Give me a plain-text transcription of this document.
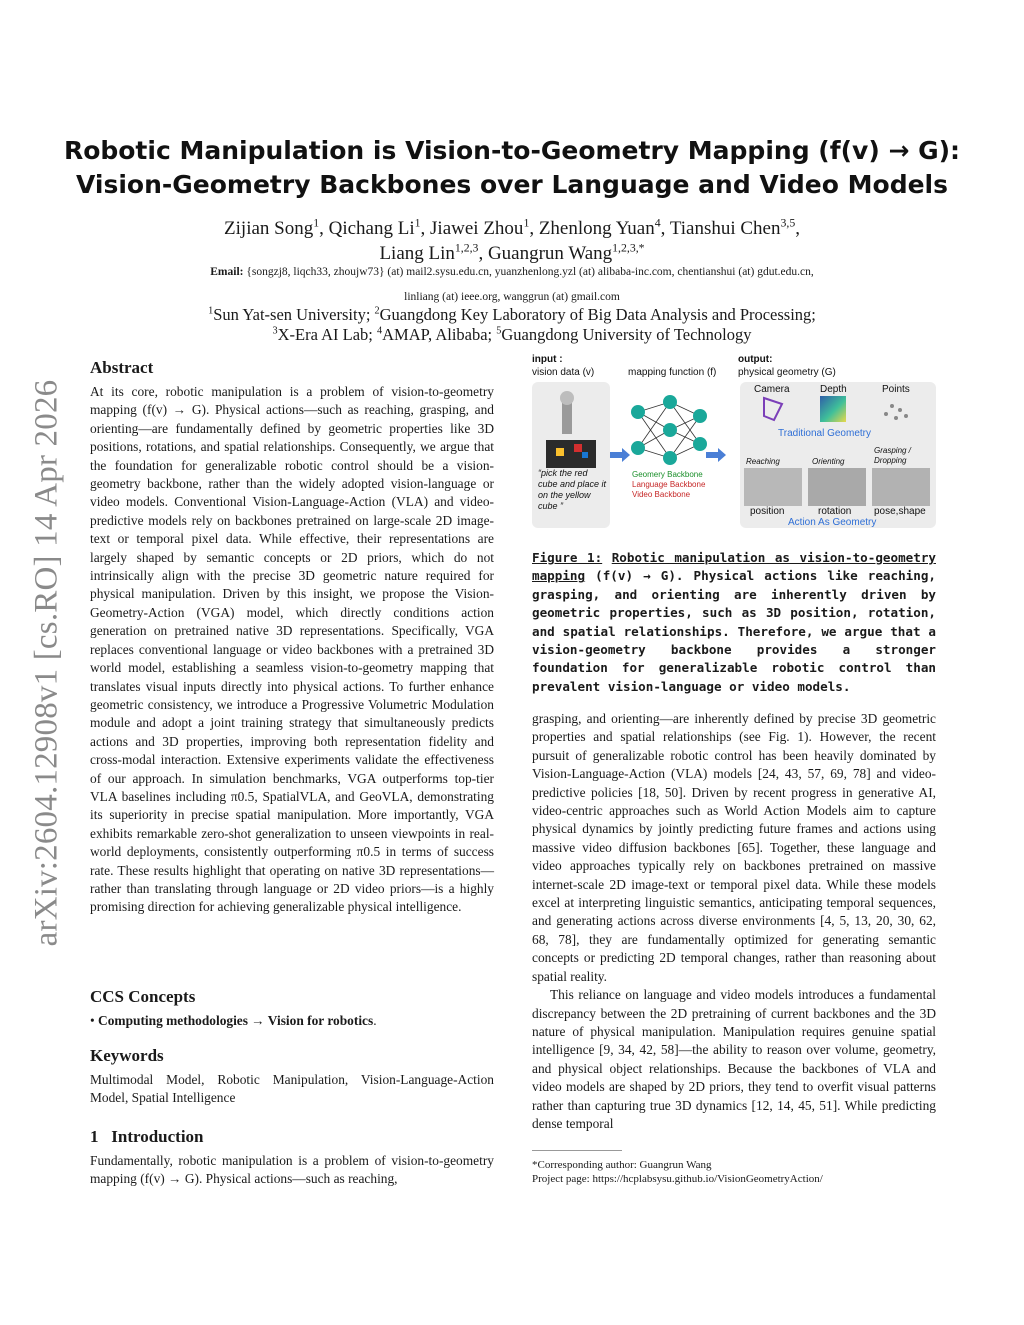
arXiv:2604.12908v1 [cs.RO] 14 Apr 2026
Robotic Manipulation is Vision-to-Geometry Mapping (f(v) → G):
Vision-Geometry Backbones over Language and Video Models
Zijian Song$^1$, Qichang Li$^1$, Jiawei Zhou$^1$, Zhenlong Yuan$^4$, Tianshui Chen$^{3,5}$,
Liang Lin$^{1,2,3}$, Guangrun Wang$^{1,2,3,*}$
Email: {songzj8, liqch33, zhoujw73} (at) mail2.sysu.edu.cn, yuanzhenlong.yzl (at) alibaba-inc.com, chentianshui (at) gdut.edu.cn,
linliang (at) ieee.org, wanggrun (at) gmail.com
$^1$Sun Yat-sen University; $^2$Guangdong Key Laboratory of Big Data Analysis and Processing;
$^3$X-Era AI Lab; $^4$AMAP, Alibaba; $^5$Guangdong University of Technology
Abstract
At its core, robotic manipulation is a problem of vision-to-geometry mapping (f(v) → G). Physical actions—such as reaching, grasping, and orienting—are fundamentally defined by geometric properties like 3D positions, rotations, and spatial relationships. Consequently, we argue that the foundation for generalizable robotic control should be a vision-geometry backbone, rather than the widely adopted vision-language or video models. Conventional Vision-Language-Action (VLA) and video-predictive models rely on backbones pretrained on large-scale 2D image-text or temporal pixel data. While effective, their representations are largely shaped by semantic concepts or 2D priors, which do not intrinsically align with the precise 3D geometric nature required for physical manipulation. Driven by this insight, we propose the Vision-Geometry-Action (VGA) model, which directly conditions action generation on pretrained native 3D representations. Specifically, VGA replaces conventional language or video backbones with a pretrained 3D world model, establishing a seamless vision-to-geometry mapping that translates visual inputs directly into physical actions. To further enhance geometric consistency, we introduce a Progressive Volumetric Modulation module and adopt a joint training strategy that simultaneously predicts actions and 3D properties, improving both representation fidelity and cross-modal interaction. Extensive experiments validate the effectiveness of our approach. In simulation benchmarks, VGA outperforms top-tier VLA baselines including π0.5, SpatialVLA, and GeoVLA, demonstrating its superiority in precise spatial manipulation. More importantly, VGA exhibits remarkable zero-shot generalization to unseen viewpoints in real-world deployments, consistently outperforming π0.5 in terms of success rate. These results highlight that operating on native 3D representations—rather than translating through language or 2D video priors—is a highly promising direction for achieving generalizable physical intelligence.
CCS Concepts
• Computing methodologies → Vision for robotics.
Keywords
Multimodal Model, Robotic Manipulation, Vision-Language-Action Model, Spatial Intelligence
1 Introduction
Fundamentally, robotic manipulation is a problem of vision-to-geometry mapping (f(v) → G). Physical actions—such as reaching,
input :
vision data (v)	mapping function (f)
output:
physical geometry (G)
“pick the red cube and place it on the yellow cube ”
Geomery Backbone
Language Backbone
Video Backbone
Camera	Depth	Points
Traditional Geometry
Reaching	Orienting
Grasping / Dropping
position	rotation pose,shape
Action As Geometry
Figure 1: Robotic manipulation as vision-to-geometry mapping (f(v) → G). Physical actions like reaching, grasping, and orienting are inherently driven by geometric properties, such as 3D position, rotation, and spatial relationships. Therefore, we argue that a vision-geometry backbone provides a stronger foundation for generalizable robotic control than prevalent vision-language or video models.

grasping, and orienting—are inherently defined by precise 3D geometric properties and spatial relationships (see Fig. 1). However, the recent pursuit of generalizable robotic control has been heavily dominated by Vision-Language-Action (VLA) models [24, 43, 57, 69, 78] and video-predictive policies [18, 50]. Driven by recent progress in generative AI, video-centric approaches such as World Action Models aim to capture physical dynamics by jointly predicting future frames and actions using massive video diffusion backbones [65]. Together, these language and video approaches typically rely on backbones pretrained on massive internet-scale 2D image-text or temporal pixel data. While these models excel at interpreting linguistic semantics, anticipating temporal sequences, and generating actions across diverse environments [4, 5, 13, 20, 30, 62, 68, 78], they are fundamentally optimized for generating semantic concepts or predicting 2D temporal changes, rather than reasoning about spatial reality.

This reliance on language and video models introduces a fundamental discrepancy between the 2D pretraining of current backbones and the 3D nature of physical manipulation. Manipulation requires genuine spatial intelligence [9, 34, 42, 58]—the ability to reason over volume, geometry, and physical object relationships. Because the backbones of VLA and video models are shaped by 2D priors, they tend to overfit visual patterns rather than capturing true 3D dynamics [12, 14, 45, 51]. While predicting dense temporal

*Corresponding author: Guangrun Wang
Project page: https://hcplabsysu.github.io/VisionGeometryAction/
